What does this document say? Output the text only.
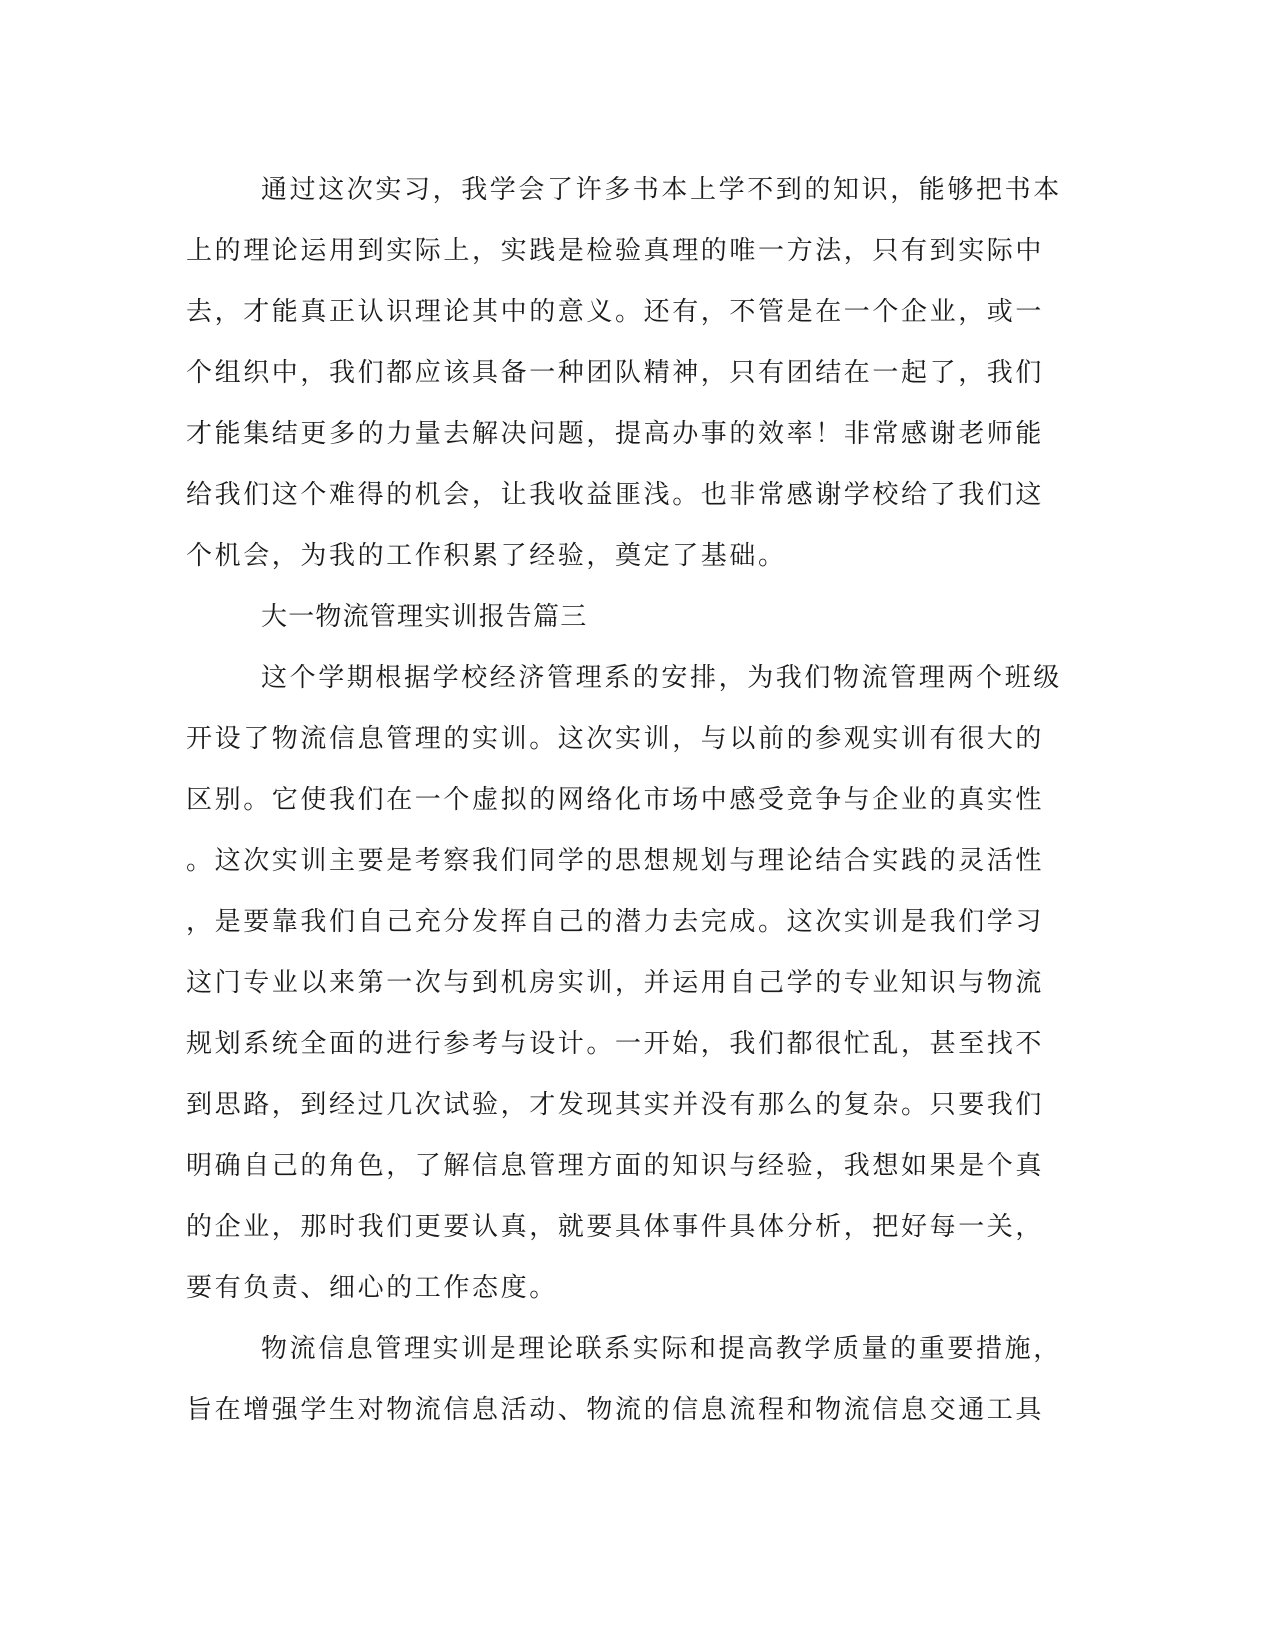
通过这次实习，我学会了许多书本上学不到的知识，能够把书本
上的理论运用到实际上，实践是检验真理的唯一方法，只有到实际中
去，才能真正认识理论其中的意义。还有，不管是在一个企业，或一
个组织中，我们都应该具备一种团队精神，只有团结在一起了，我们
才能集结更多的力量去解决问题，提高办事的效率！非常感谢老师能
给我们这个难得的机会，让我收益匪浅。也非常感谢学校给了我们这
个机会，为我的工作积累了经验，奠定了基础。
大一物流管理实训报告篇三
这个学期根据学校经济管理系的安排，为我们物流管理两个班级
开设了物流信息管理的实训。这次实训，与以前的参观实训有很大的
区别。它使我们在一个虚拟的网络化市场中感受竞争与企业的真实性
。这次实训主要是考察我们同学的思想规划与理论结合实践的灵活性
，是要靠我们自己充分发挥自己的潜力去完成。这次实训是我们学习
这门专业以来第一次与到机房实训，并运用自己学的专业知识与物流
规划系统全面的进行参考与设计。一开始，我们都很忙乱，甚至找不
到思路，到经过几次试验，才发现其实并没有那么的复杂。只要我们
明确自己的角色，了解信息管理方面的知识与经验，我想如果是个真
的企业，那时我们更要认真，就要具体事件具体分析，把好每一关，
要有负责、细心的工作态度。
物流信息管理实训是理论联系实际和提高教学质量的重要措施，
旨在增强学生对物流信息活动、物流的信息流程和物流信息交通工具
